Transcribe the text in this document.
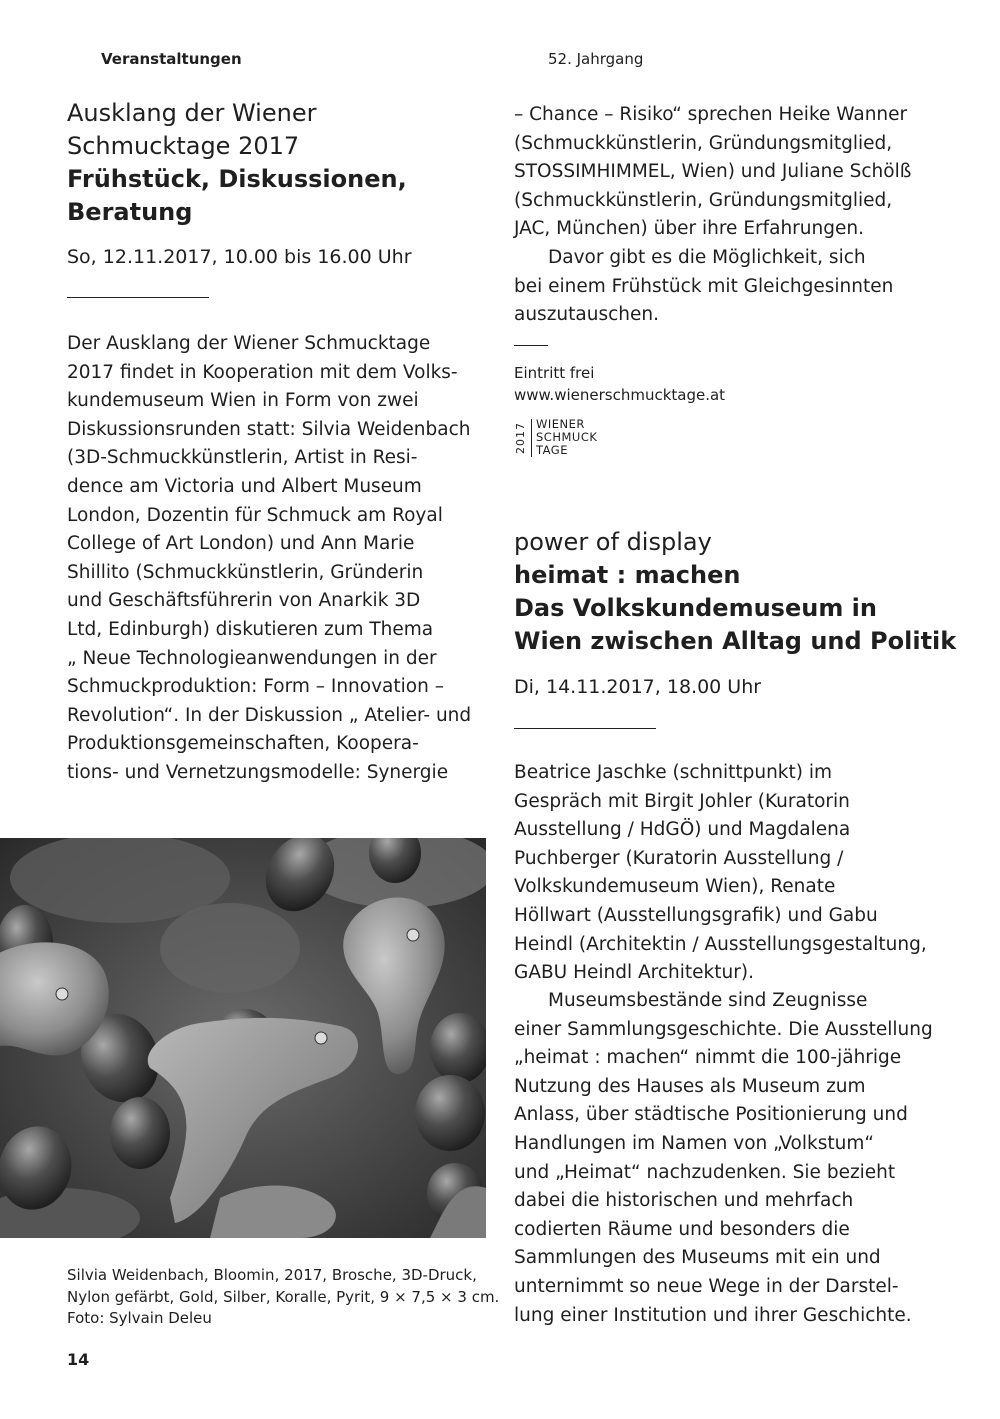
Veranstaltungen	52. Jahrgang
Ausklang der Wiener
Schmucktage 2017
Frühstück, Diskussionen,
Beratung
So, 12.11.2017, 10.00 bis 16.00 Uhr
Der Ausklang der Wiener Schmucktage
2017 findet in Kooperation mit dem Volks-
kundemuseum Wien in Form von zwei
Diskussionsrunden statt: Silvia Weidenbach
(3D-Schmuckkünstlerin, Artist in Resi-
dence am Victoria und Albert Museum
London, Dozentin für Schmuck am Royal
College of Art London) und Ann Marie
Shillito (Schmuckkünstlerin, Gründerin
und Geschäftsführerin von Anarkik 3D
Ltd, Edinburgh) diskutieren zum Thema
„ Neue Technologieanwendungen in der
Schmuckproduktion: Form – Innovation –
Revolution“. In der Diskussion „ Atelier- und
Produktionsgemeinschaften, Koopera-
tions- und Vernetzungsmodelle: Synergie
– Chance – Risiko“ sprechen Heike Wanner
(Schmuckkünstlerin, Gründungsmitglied,
STOSSIMHIMMEL, Wien) und Juliane Schölß
(Schmuckkünstlerin, Gründungsmitglied,
JAC, München) über ihre Erfahrungen.
Davor gibt es die Möglichkeit, sich
bei einem Frühstück mit Gleichgesinnten
auszutauschen.
Eintritt frei
www.wienerschmucktage.at
2017 WIENER
SCHMUCK
TAGE
Silvia Weidenbach, Bloomin, 2017, Brosche, 3D-Druck,
Nylon gefärbt, Gold, Silber, Koralle, Pyrit, 9 × 7,5 × 3 cm.
Foto: Sylvain Deleu
14
power of display
heimat : machen
Das Volkskundemuseum in
Wien zwischen Alltag und Politik
Di, 14.11.2017, 18.00 Uhr
Beatrice Jaschke (schnittpunkt) im
Gespräch mit Birgit Johler (Kuratorin
Ausstellung / HdGÖ) und Magdalena
Puchberger (Kuratorin Ausstellung /
Volkskundemuseum Wien), Renate
Höllwart (Ausstellungsgrafik) und Gabu
Heindl (Architektin / Ausstellungsgestaltung,
GABU Heindl Architektur).
Museumsbestände sind Zeugnisse
einer Sammlungsgeschichte. Die Ausstellung
„heimat : machen“ nimmt die 100-jährige
Nutzung des Hauses als Museum zum
Anlass, über städtische Positionierung und
Handlungen im Namen von „Volkstum“
und „Heimat“ nachzudenken. Sie bezieht
dabei die historischen und mehrfach
codierten Räume und besonders die
Sammlungen des Museums mit ein und
unternimmt so neue Wege in der Darstel-
lung einer Institution und ihrer Geschichte.
